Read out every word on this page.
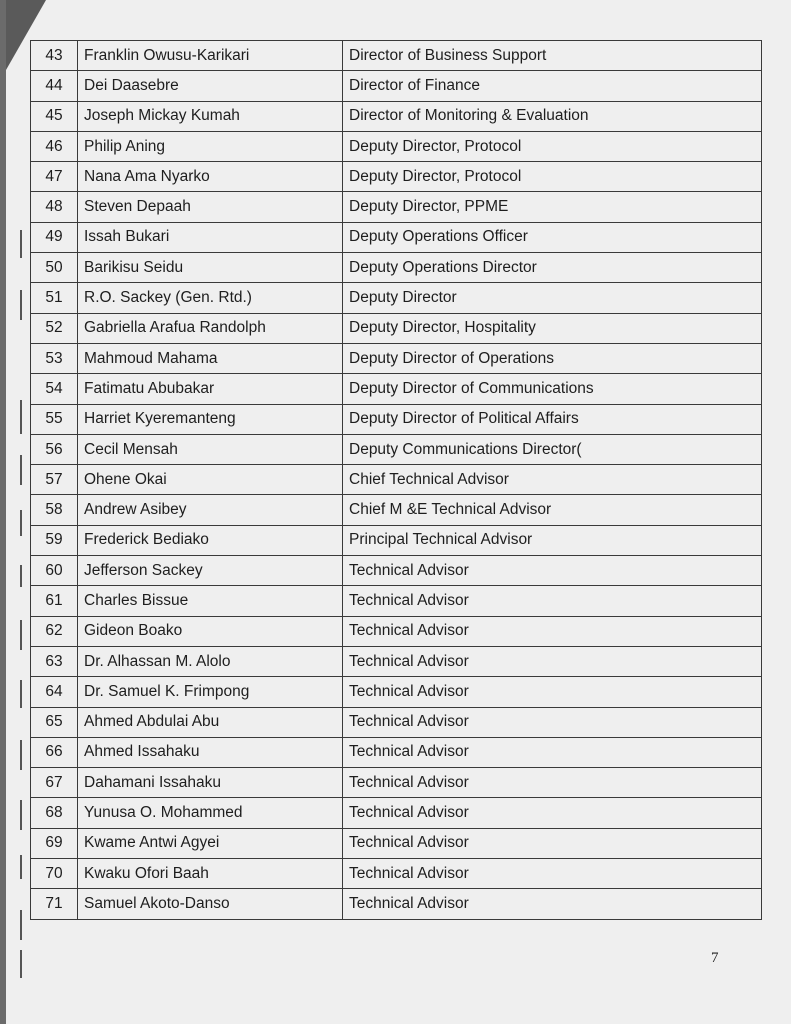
43	Franklin Owusu-Karikari	Director of Business Support
44	Dei Daasebre	Director of Finance
45	Joseph Mickay Kumah	Director of Monitoring & Evaluation
46	Philip Aning	Deputy Director, Protocol
47	Nana Ama Nyarko	Deputy Director, Protocol
48	Steven Depaah	Deputy Director, PPME
49	Issah Bukari	Deputy Operations Officer
50	Barikisu Seidu	Deputy Operations Director
51	R.O. Sackey (Gen. Rtd.)	Deputy Director
52	Gabriella Arafua Randolph	Deputy Director, Hospitality
53	Mahmoud Mahama	Deputy Director of Operations
54	Fatimatu Abubakar	Deputy Director of Communications
55	Harriet Kyeremanteng	Deputy Director of Political Affairs
56	Cecil Mensah	Deputy Communications Director(
57	Ohene Okai	Chief Technical Advisor
58	Andrew Asibey	Chief M &E Technical Advisor
59	Frederick Bediako	Principal Technical Advisor
60	Jefferson Sackey	Technical Advisor
61	Charles Bissue	Technical Advisor
62	Gideon Boako	Technical Advisor
63	Dr. Alhassan M. Alolo	Technical Advisor
64	Dr. Samuel K. Frimpong	Technical Advisor
65	Ahmed Abdulai Abu	Technical Advisor
66	Ahmed Issahaku	Technical Advisor
67	Dahamani Issahaku	Technical Advisor
68	Yunusa O. Mohammed	Technical Advisor
69	Kwame Antwi Agyei	Technical Advisor
70	Kwaku Ofori Baah	Technical Advisor
71	Samuel Akoto-Danso	Technical Advisor
7
